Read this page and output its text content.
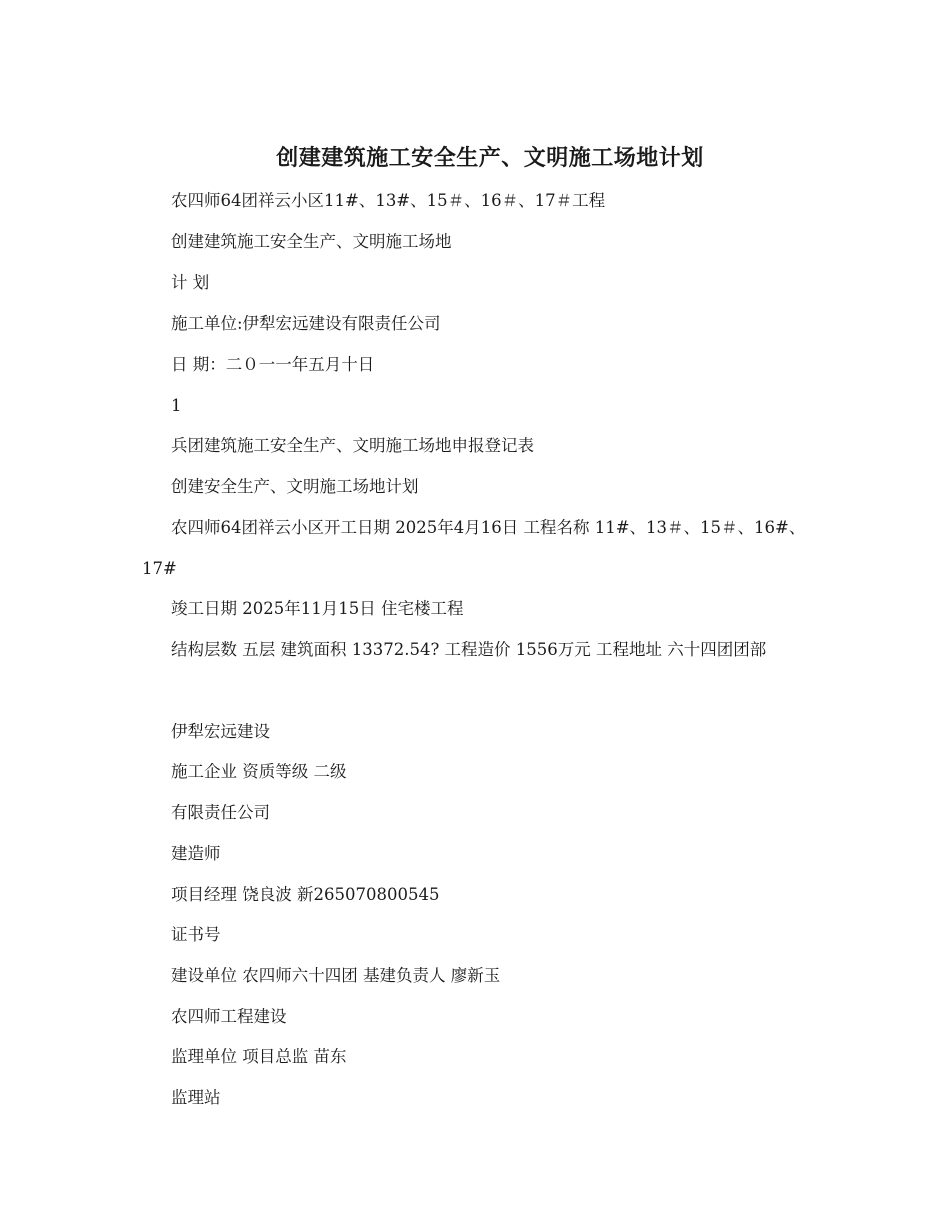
创建建筑施工安全生产、文明施工场地计划

农四师64团祥云小区11#、13#、15＃、16＃、17＃工程

创建建筑施工安全生产、文明施工场地

计 划

施工单位:伊犁宏远建设有限责任公司

日 期：二０一一年五月十日

1

兵团建筑施工安全生产、文明施工场地申报登记表

创建安全生产、文明施工场地计划

农四师64团祥云小区开工日期 2025年4月16日 工程名称 11#、13＃、15＃、16#、17#

竣工日期 2025年11月15日 住宅楼工程

结构层数 五层 建筑面积 13372.54? 工程造价 1556万元 工程地址 六十四团团部

伊犁宏远建设

施工企业 资质等级 二级

有限责任公司

建造师

项目经理 饶良波 新265070800545

证书号

建设单位 农四师六十四团 基建负责人 廖新玉

农四师工程建设

监理单位 项目总监 苗东

监理站
